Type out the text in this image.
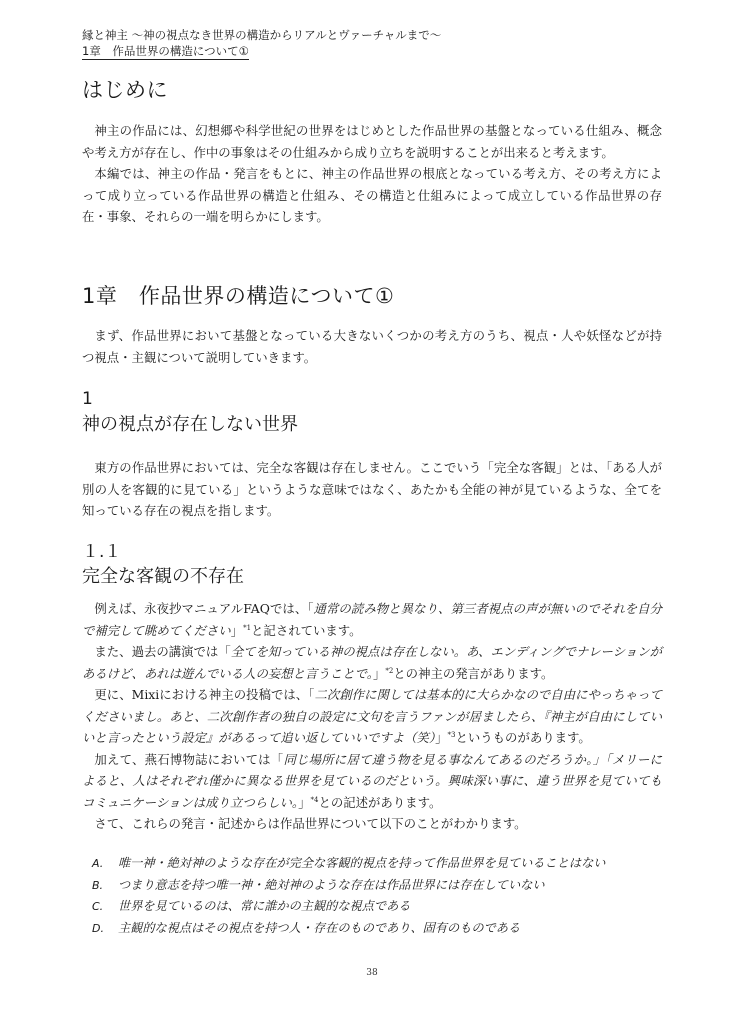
縁と神主 〜神の視点なき世界の構造からリアルとヴァーチャルまで〜
1章　作品世界の構造について①
はじめに

神主の作品には、幻想郷や科学世紀の世界をはじめとした作品世界の基盤となっている仕組み、概念や考え方が存在し、作中の事象はその仕組みから成り立ちを説明することが出来ると考えます。

本編では、神主の作品・発言をもとに、神主の作品世界の根底となっている考え方、その考え方によって成り立っている作品世界の構造と仕組み、その構造と仕組みによって成立している作品世界の存在・事象、それらの一端を明らかにします。

1章　作品世界の構造について①

まず、作品世界において基盤となっている大きないくつかの考え方のうち、視点・人や妖怪などが持つ視点・主観について説明していきます。

1
神の視点が存在しない世界

東方の作品世界においては、完全な客観は存在しません。ここでいう「完全な客観」とは、「ある人が別の人を客観的に見ている」というような意味ではなく、あたかも全能の神が見ているような、全てを知っている存在の視点を指します。

１.１
完全な客観の不存在

例えば、永夜抄マニュアルFAQでは、「通常の読み物と異なり、第三者視点の声が無いのでそれを自分で補完して眺めてください」$^{*1}$と記されています。

また、過去の講演では「全てを知っている神の視点は存在しない。あ、エンディングでナレーションがあるけど、あれは遊んでいる人の妄想と言うことで。」$^{*2}$との神主の発言があります。

更に、Mixiにおける神主の投稿では、「二次創作に関しては基本的に大らかなので自由にやっちゃってくださいまし。あと、二次創作者の独自の設定に文句を言うファンが居ましたら、『神主が自由にしていいと言ったという設定』があるって追い返していいですよ（笑）」$^{*3}$というものがあります。

加えて、燕石博物誌においては「同じ場所に居て違う物を見る事なんてあるのだろうか。」「メリーによると、人はそれぞれ僅かに異なる世界を見ているのだという。興味深い事に、違う世界を見ていてもコミュニケーションは成り立つらしい。」$^{*4}$との記述があります。

さて、これらの発言・記述からは作品世界について以下のことがわかります。

A. 唯一神・絶対神のような存在が完全な客観的視点を持って作品世界を見ていることはない
B. つまり意志を持つ唯一神・絶対神のような存在は作品世界には存在していない
C. 世界を見ているのは、常に誰かの主観的な視点である
D. 主観的な視点はその視点を持つ人・存在のものであり、固有のものである
38
